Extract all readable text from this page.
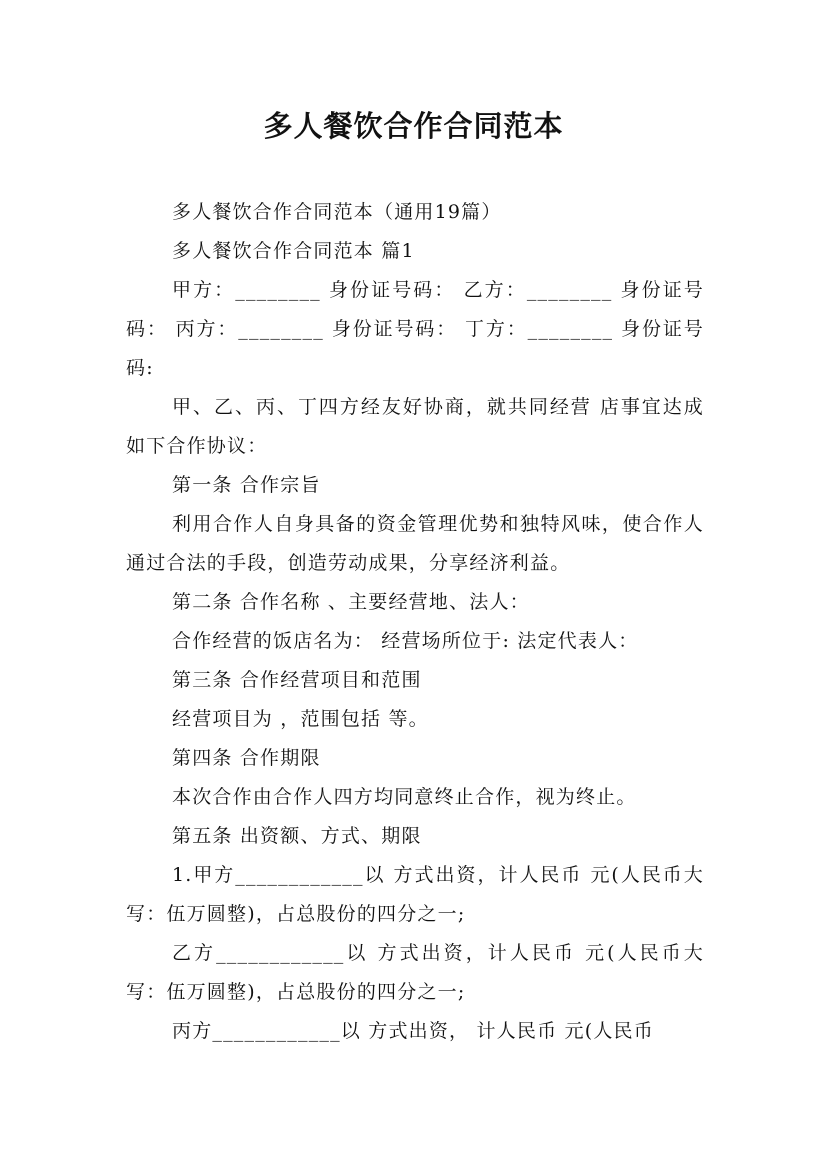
多人餐饮合作合同范本
多人餐饮合作合同范本（通用19篇）
多人餐饮合作合同范本 篇1
甲方：________ 身份证号码： 乙方：________ 身份证号码： 丙方：________ 身份证号码： 丁方：________ 身份证号码:
甲、乙、丙、丁四方经友好协商，就共同经营 店事宜达成如下合作协议：
第一条 合作宗旨
利用合作人自身具备的资金管理优势和独特风味，使合作人通过合法的手段，创造劳动成果，分享经济利益。
第二条 合作名称 、主要经营地、法人：
合作经营的饭店名为： 经营场所位于: 法定代表人：
第三条 合作经营项目和范围
经营项目为 ，范围包括 等。
第四条 合作期限
本次合作由合作人四方均同意终止合作，视为终止。
第五条 出资额、方式、期限
1.甲方____________以 方式出资，计人民币 元(人民币大写：伍万圆整)，占总股份的四分之一;
乙方____________以 方式出资，计人民币 元(人民币大写：伍万圆整)，占总股份的四分之一;
丙方____________以 方式出资， 计人民币 元(人民币
